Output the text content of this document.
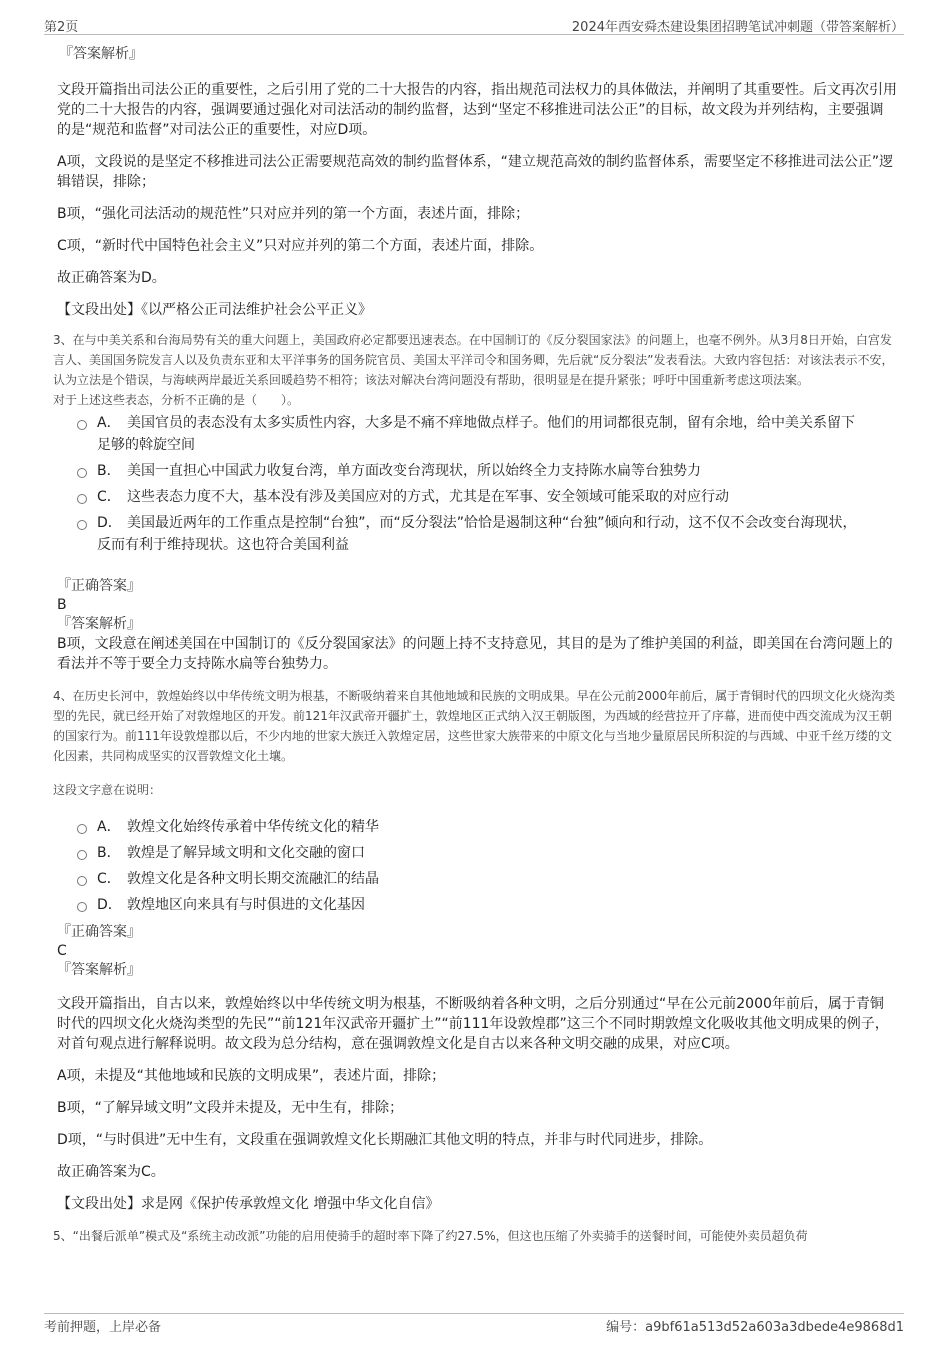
第2页	2024年西安舜杰建设集团招聘笔试冲刺题（带答案解析）
『答案解析』

文段开篇指出司法公正的重要性，之后引用了党的二十大报告的内容，指出规范司法权力的具体做法，并阐明了其重要性。后文再次引用党的二十大报告的内容，强调要通过强化对司法活动的制约监督，达到“坚定不移推进司法公正”的目标，故文段为并列结构，主要强调的是“规范和监督”对司法公正的重要性，对应D项。

A项，文段说的是坚定不移推进司法公正需要规范高效的制约监督体系，“建立规范高效的制约监督体系，需要坚定不移推进司法公正”逻辑错误，排除；

B项，“强化司法活动的规范性”只对应并列的第一个方面，表述片面，排除；

C项，“新时代中国特色社会主义”只对应并列的第二个方面，表述片面，排除。

故正确答案为D。

【文段出处】《以严格公正司法维护社会公平正义》

3、在与中美关系和台海局势有关的重大问题上，美国政府必定都要迅速表态。在中国制订的《反分裂国家法》的问题上，也毫不例外。从3月8日开始，白宫发言人、美国国务院发言人以及负责东亚和太平洋事务的国务院官员、美国太平洋司令和国务卿，先后就“反分裂法”发表看法。大致内容包括：对该法表示不安，认为立法是个错误，与海峡两岸最近关系回暖趋势不相符；该法对解决台湾问题没有帮助，很明显是在提升紧张；呼吁中国重新考虑这项法案。

对于上述这些表态，分析不正确的是（　　）。

A． 美国官员的表态没有太多实质性内容，大多是不痛不痒地做点样子。他们的用词都很克制，留有余地，给中美关系留下足够的斡旋空间
B． 美国一直担心中国武力收复台湾，单方面改变台湾现状，所以始终全力支持陈水扁等台独势力
C． 这些表态力度不大，基本没有涉及美国应对的方式，尤其是在军事、安全领域可能采取的对应行动
D． 美国最近两年的工作重点是控制“台独”，而“反分裂法”恰恰是遏制这种“台独”倾向和行动，这不仅不会改变台海现状，反而有利于维持现状。这也符合美国利益
『正确答案』
B
『答案解析』

B项，文段意在阐述美国在中国制订的《反分裂国家法》的问题上持不支持意见，其目的是为了维护美国的利益，即美国在台湾问题上的看法并不等于要全力支持陈水扁等台独势力。

4、在历史长河中，敦煌始终以中华传统文明为根基，不断吸纳着来自其他地域和民族的文明成果。早在公元前2000年前后，属于青铜时代的四坝文化火烧沟类型的先民，就已经开始了对敦煌地区的开发。前121年汉武帝开疆扩土，敦煌地区正式纳入汉王朝版图，为西域的经营拉开了序幕，进而使中西交流成为汉王朝的国家行为。前111年设敦煌郡以后，不少内地的世家大族迁入敦煌定居，这些世家大族带来的中原文化与当地少量原居民所积淀的与西域、中亚千丝万缕的文化因素，共同构成坚实的汉晋敦煌文化土壤。

这段文字意在说明：

A． 敦煌文化始终传承着中华传统文化的精华
B． 敦煌是了解异域文明和文化交融的窗口
C． 敦煌文化是各种文明长期交流融汇的结晶
D． 敦煌地区向来具有与时俱进的文化基因
『正确答案』
C
『答案解析』

文段开篇指出，自古以来，敦煌始终以中华传统文明为根基，不断吸纳着各种文明，之后分别通过“早在公元前2000年前后，属于青铜时代的四坝文化火烧沟类型的先民”“前121年汉武帝开疆扩土”“前111年设敦煌郡”这三个不同时期敦煌文化吸收其他文明成果的例子，对首句观点进行解释说明。故文段为总分结构，意在强调敦煌文化是自古以来各种文明交融的成果，对应C项。

A项，未提及“其他地域和民族的文明成果”，表述片面，排除；

B项，“了解异域文明”文段并未提及，无中生有，排除；

D项，“与时俱进”无中生有，文段重在强调敦煌文化长期融汇其他文明的特点，并非与时代同进步，排除。

故正确答案为C。

【文段出处】求是网《保护传承敦煌文化 增强中华文化自信》

5、“出餐后派单”模式及“系统主动改派”功能的启用使骑手的超时率下降了约27.5%，但这也压缩了外卖骑手的送餐时间，可能使外卖员超负荷

考前押题，上岸必备	编号：a9bf61a513d52a603a3dbede4e9868d1
